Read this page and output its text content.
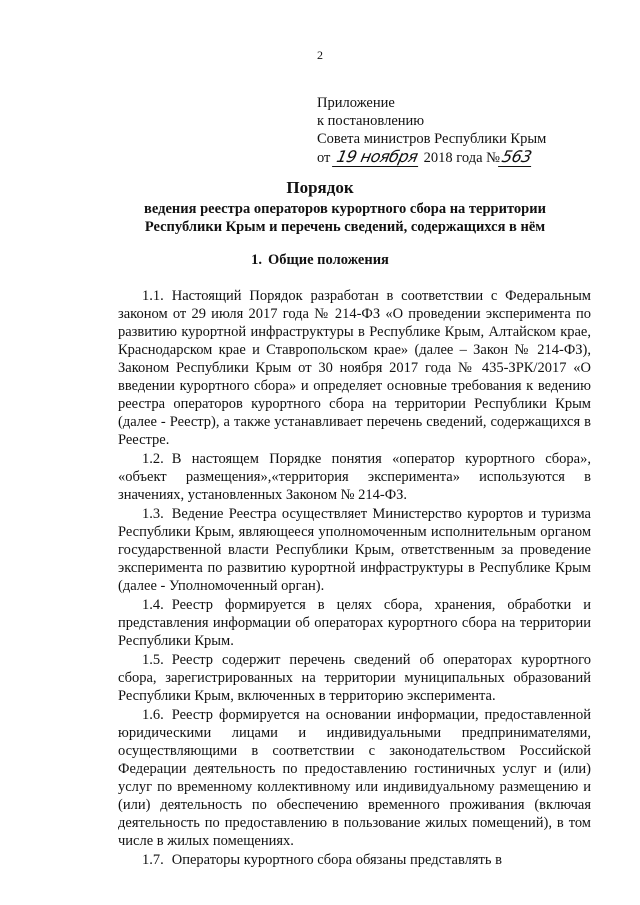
2
Приложение
к постановлению
Совета министров Республики Крым
от 19 ноября 2018 года №563
Порядок
ведения реестра операторов курортного сбора на территории
Республики Крым и перечень сведений, содержащихся в нём
1. Общие положения

1.1. Настоящий Порядок разработан в соответствии с Федеральным законом от 29 июля 2017 года № 214-ФЗ «О проведении эксперимента по развитию курортной инфраструктуры в Республике Крым, Алтайском крае, Краснодарском крае и Ставропольском крае» (далее – Закон № 214-ФЗ), Законом Республики Крым от 30 ноября 2017 года № 435-ЗРК/2017 «О введении курортного сбора» и определяет основные требования к ведению реестра операторов курортного сбора на территории Республики Крым (далее - Реестр), а также устанавливает перечень сведений, содержащихся в Реестре.

1.2. В настоящем Порядке понятия «оператор курортного сбора», «объект размещения»,«территория эксперимента» используются в значениях, установленных Законом № 214-ФЗ.

1.3. Ведение Реестра осуществляет Министерство курортов и туризма Республики Крым, являющееся уполномоченным исполнительным органом государственной власти Республики Крым, ответственным за проведение эксперимента по развитию курортной инфраструктуры в Республике Крым (далее - Уполномоченный орган).

1.4. Реестр формируется в целях сбора, хранения, обработки и представления информации об операторах курортного сбора на территории Республики Крым.

1.5. Реестр содержит перечень сведений об операторах курортного сбора, зарегистрированных на территории муниципальных образований Республики Крым, включенных в территорию эксперимента.

1.6. Реестр формируется на основании информации, предоставленной юридическими лицами и индивидуальными предпринимателями, осуществляющими в соответствии с законодательством Российской Федерации деятельность по предоставлению гостиничных услуг и (или) услуг по временному коллективному или индивидуальному размещению и (или) деятельность по обеспечению временного проживания (включая деятельность по предоставлению в пользование жилых помещений), в том числе в жилых помещениях.

1.7. Операторы курортного сбора обязаны представлять в
